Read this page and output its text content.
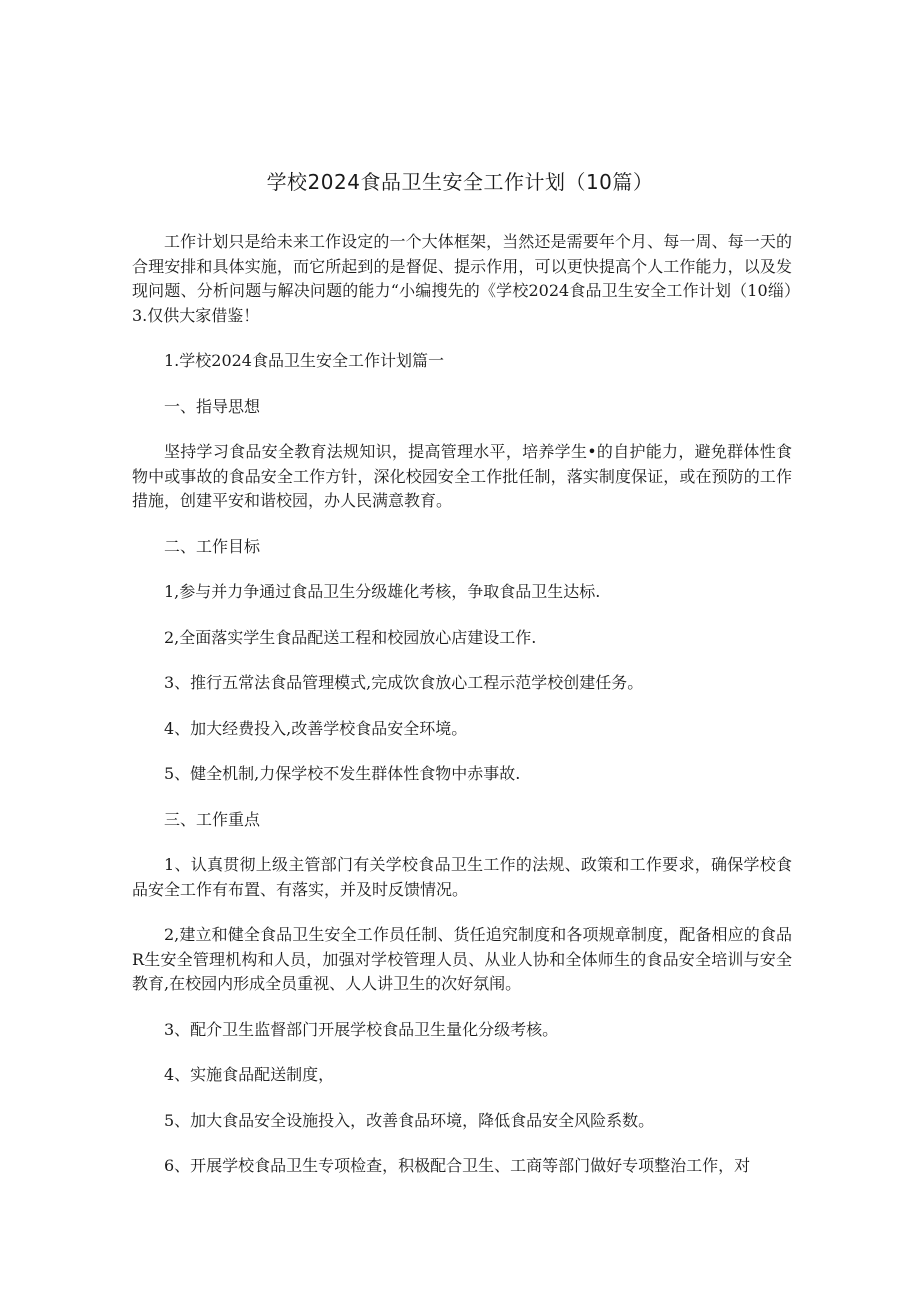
学校2024食品卫生安全工作计划（10篇）

工作计划只是给未来工作设定的一个大体框架，当然还是需要年个月、每一周、每一天的合理安排和具体实施，而它所起到的是督促、提示作用，可以更快提高个人工作能力，以及发现问题、分析问题与解决问题的能力“小编搜先的《学校2024食品卫生安全工作计划（10缁）3.仅供大家借鉴！

1.学校2024食品卫生安全工作计划篇一

一、指导思想

坚持学习食品安全教育法规知识，提高管理水平，培养学生•的自护能力，避免群体性食物中或事故的食品安全工作方针，深化校园安全工作批任制，落实制度保证，或在预防的工作措施，创建平安和谐校园，办人民满意教育。

二、工作目标

1,参与并力争通过食品卫生分级雄化考核，争取食品卫生达标.

2,全面落实学生食品配送工程和校园放心店建设工作.

3、推行五常法食品管理模式,完成饮食放心工程示范学校创建任务。

4、加大经费投入,改善学校食品安全环境。

5、健全机制,力保学校不发生群体性食物中赤事故.

三、工作重点

1、认真贯彻上级主管部门有关学校食品卫生工作的法规、政策和工作要求，确保学校食品安全工作有布置、有落实，并及时反馈情况。

2,建立和健全食品卫生安全工作员任制、货任追究制度和各项规章制度，配备相应的食品R生安全管理机构和人员，加强对学校管理人员、从业人协和全体师生的食品安全培训与安全教育,在校园内形成全员重视、人人讲卫生的次好氛闱。

3、配介卫生监督部门开展学校食品卫生量化分级考核。

4、实施食品配送制度，

5、加大食品安全设施投入，改善食品环境，降低食品安全风险系数。

6、开展学校食品卫生专项检查，积极配合卫生、工商等部门做好专项整治工作，对
